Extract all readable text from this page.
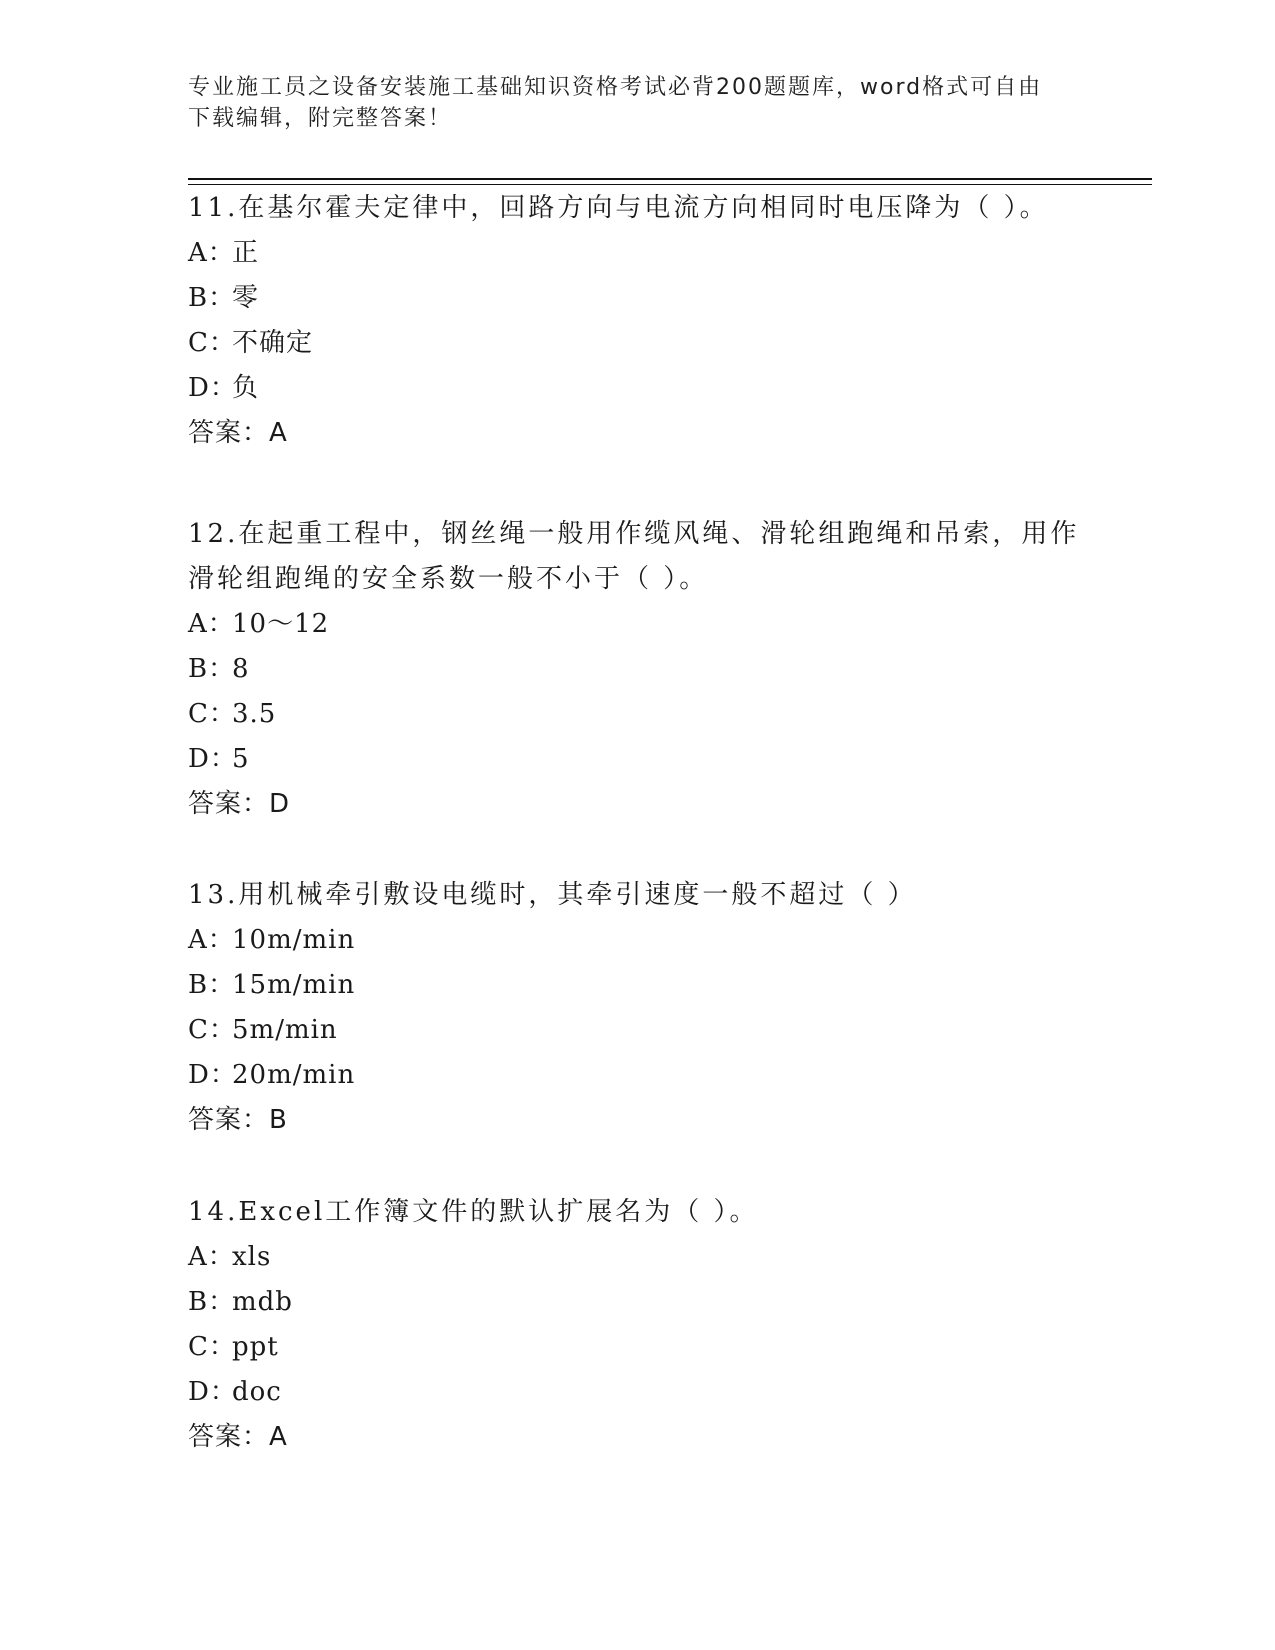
专业施工员之设备安装施工基础知识资格考试必背200题题库，word格式可自由
下载编辑，附完整答案！

11.在基尔霍夫定律中，回路方向与电流方向相同时电压降为（ ）。

A：正

B：零

C：不确定

D：负

答案：A

12.在起重工程中，钢丝绳一般用作缆风绳、滑轮组跑绳和吊索，用作

滑轮组跑绳的安全系数一般不小于（ ）。

A：10～12

B：8

C：3.5

D：5

答案：D

13.用机械牵引敷设电缆时，其牵引速度一般不超过（ ）

A：10m/min

B：15m/min

C：5m/min

D：20m/min

答案：B

14.Excel工作簿文件的默认扩展名为（ ）。

A：xls

B：mdb

C：ppt

D：doc

答案：A
